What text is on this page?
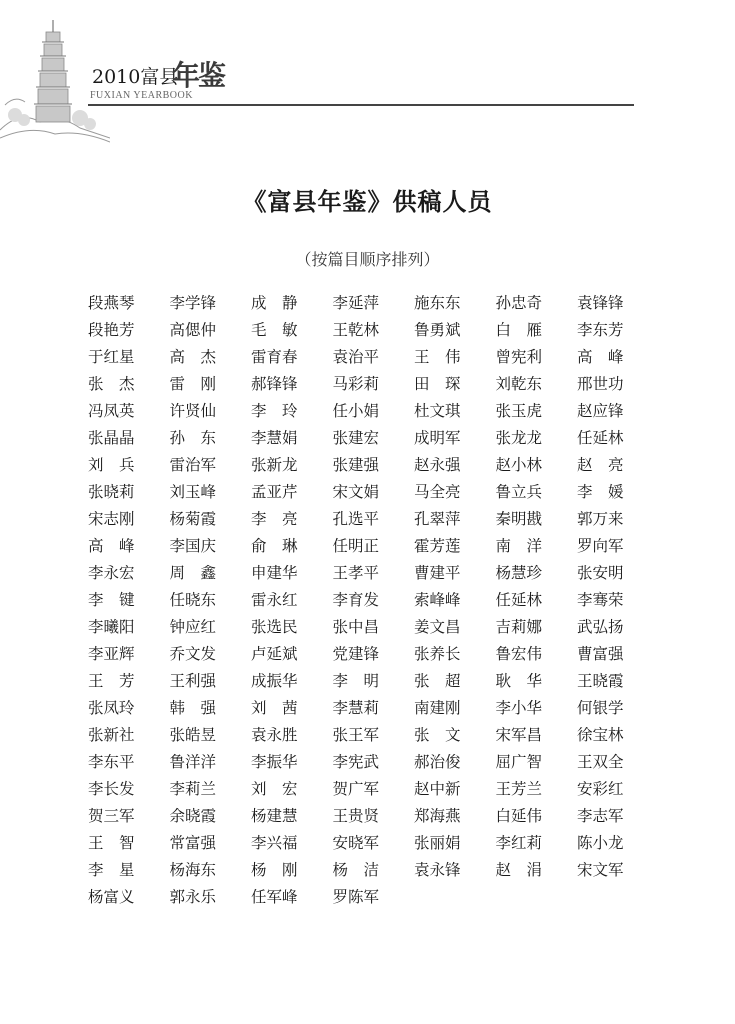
2010富县
年鉴
FUXIAN YEARBOOK
《富县年鉴》供稿人员
（按篇目顺序排列）
段燕琴	李学锋	成　静	李延萍	施东东	孙忠奇	袁锋锋
段艳芳	高偲仲	毛　敏	王乾林	鲁勇斌	白　雁	李东芳
于红星	高　杰	雷育春	袁治平	王　伟	曾宪利	高　峰
张　杰	雷　刚	郝锋锋	马彩莉	田　琛	刘乾东	邢世功
冯凤英	许贤仙	李　玲	任小娟	杜文琪	张玉虎	赵应锋
张晶晶	孙　东	李慧娟	张建宏	成明军	张龙龙	任延林
刘　兵	雷治军	张新龙	张建强	赵永强	赵小林	赵　亮
张晓莉	刘玉峰	孟亚芹	宋文娟	马全亮	鲁立兵	李　媛
宋志刚	杨菊霞	李　亮	孔选平	孔翠萍	秦明戡	郭万来
高　峰	李国庆	俞　琳	任明正	霍芳莲	南　洋	罗向军
李永宏	周　鑫	申建华	王孝平	曹建平	杨慧珍	张安明
李　键	任晓东	雷永红	李育发	索峰峰	任延林	李骞荣
李曦阳	钟应红	张选民	张中昌	姜文昌	吉莉娜	武弘扬
李亚辉	乔文发	卢延斌	党建锋	张养长	鲁宏伟	曹富强
王　芳	王利强	成振华	李　明	张　超	耿　华	王晓霞
张凤玲	韩　强	刘　茜	李慧莉	南建刚	李小华	何银学
张新社	张皓昱	袁永胜	张王军	张　文	宋军昌	徐宝林
李东平	鲁洋洋	李振华	李宪武	郝治俊	屈广智	王双全
李长发	李莉兰	刘　宏	贺广军	赵中新	王芳兰	安彩红
贺三军	余晓霞	杨建慧	王贵贤	郑海燕	白延伟	李志军
王　智	常富强	李兴福	安晓军	张丽娟	李红莉	陈小龙
李　星	杨海东	杨　刚	杨　洁	袁永锋	赵　涓	宋文军
杨富义	郭永乐	任军峰	罗陈军
